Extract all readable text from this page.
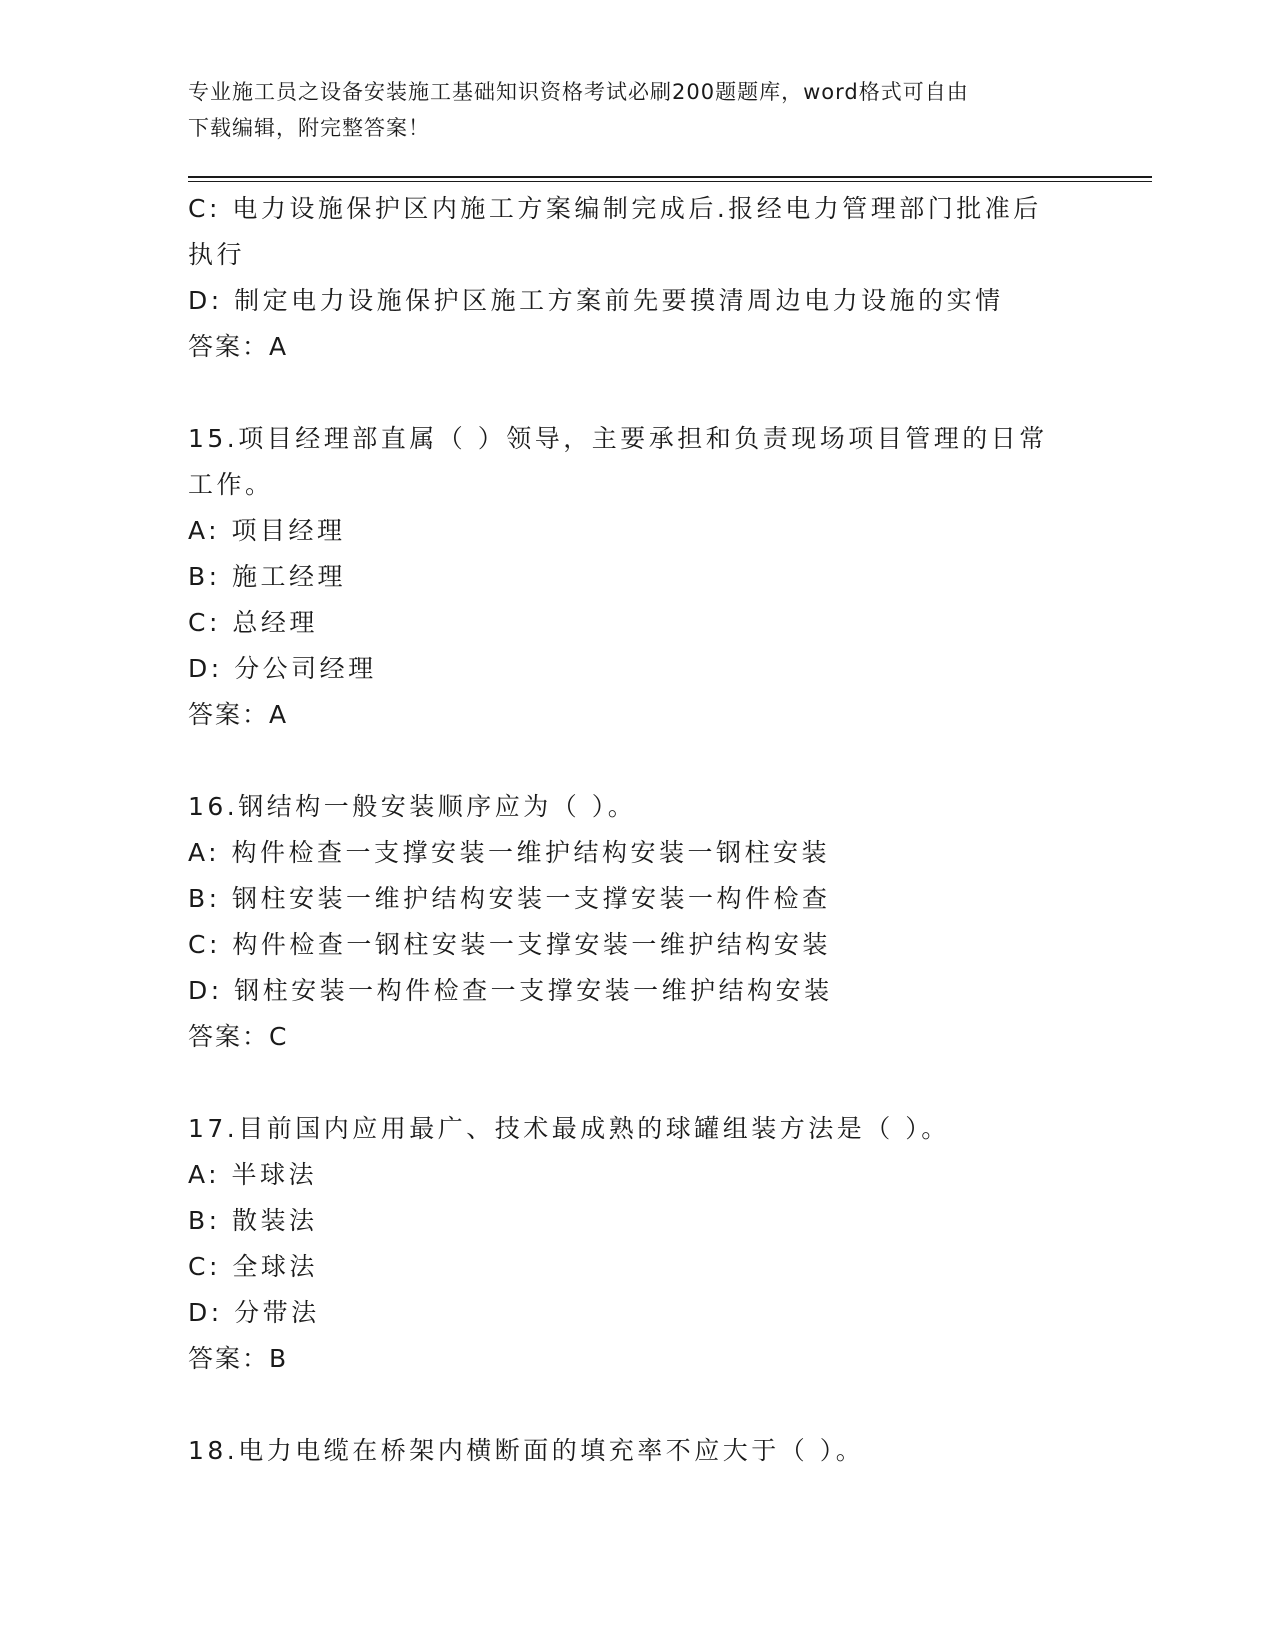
专业施工员之设备安装施工基础知识资格考试必刷200题题库，word格式可自由
下载编辑，附完整答案！
C: 电力设施保护区内施工方案编制完成后.报经电力管理部门批准后
执行
D: 制定电力设施保护区施工方案前先要摸清周边电力设施的实情
答案：A
15.项目经理部直属（ ）领导，主要承担和负责现场项目管理的日常
工作。
A: 项目经理
B: 施工经理
C: 总经理
D: 分公司经理
答案：A
16.钢结构一般安装顺序应为（ ）。
A: 构件检查一支撑安装一维护结构安装一钢柱安装
B: 钢柱安装一维护结构安装一支撑安装一构件检查
C: 构件检查一钢柱安装一支撑安装一维护结构安装
D: 钢柱安装一构件检查一支撑安装一维护结构安装
答案：C
17.目前国内应用最广、技术最成熟的球罐组装方法是（ ）。
A: 半球法
B: 散装法
C: 全球法
D: 分带法
答案：B
18.电力电缆在桥架内横断面的填充率不应大于（ ）。
